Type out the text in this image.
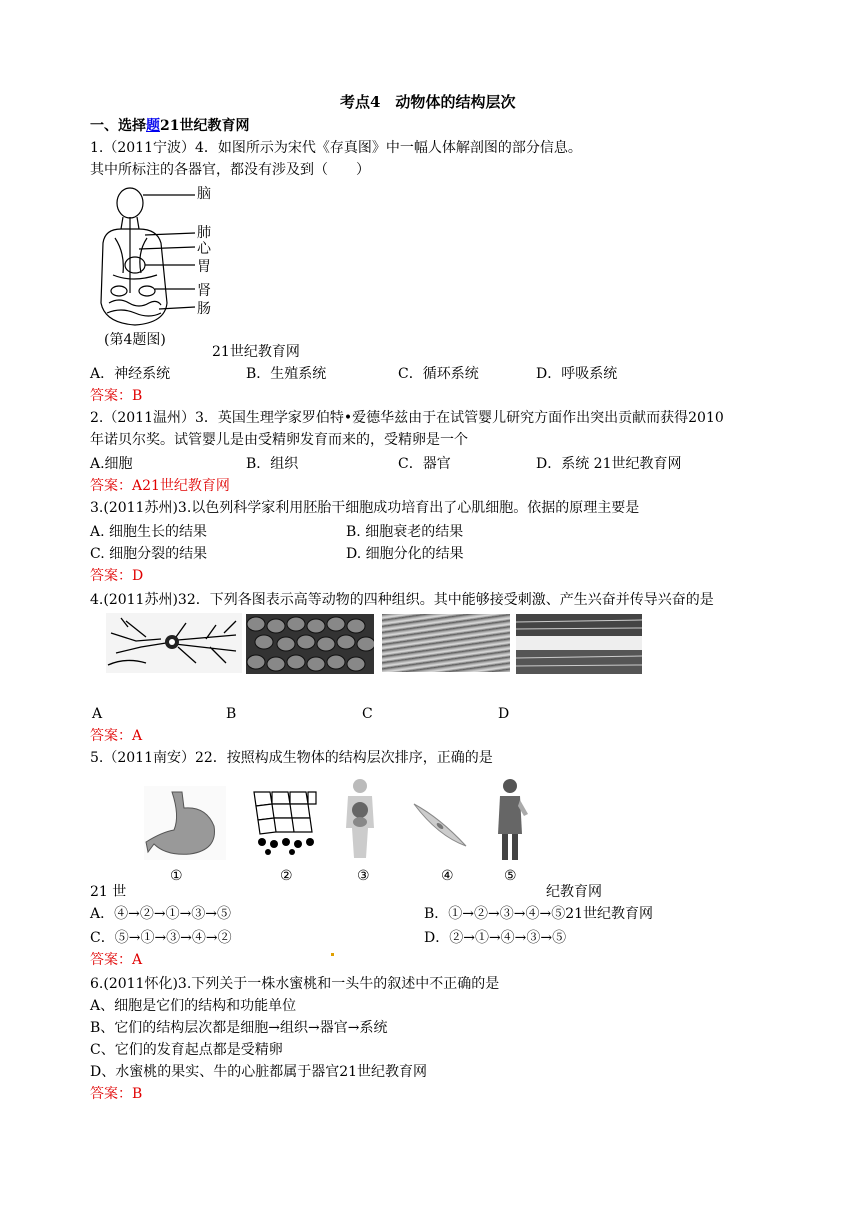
考点4　动物体的结构层次
一、选择题21世纪教育网
1.（2011宁波）4．如图所示为宋代《存真图》中一幅人体解剖图的部分信息。
其中所标注的各器官，都没有涉及到（　　）
脑
肺
心
胃
肾
肠
(第4题图)
21世纪教育网
A．神经系统	B．生殖系统	C．循环系统	D．呼吸系统
答案：B
2.（2011温州）3．英国生理学家罗伯特•爱德华兹由于在试管婴儿研究方面作出突出贡献而获得2010
年诺贝尔奖。试管婴儿是由受精卵发育而来的，受精卵是一个
A.细胞	B．组织	C．器官	D．系统 21世纪教育网
答案：A21世纪教育网
3.(2011苏州)3.以色列科学家利用胚胎干细胞成功培育出了心肌细胞。依据的原理主要是
A. 细胞生长的结果	B. 细胞衰老的结果
C. 细胞分裂的结果	D. 细胞分化的结果
答案：D
4.(2011苏州)32．下列各图表示高等动物的四种组织。其中能够接受刺激、产生兴奋并传导兴奋的是
A	B	C	D
答案：A
5.（2011南安）22．按照构成生物体的结构层次排序，正确的是
①	②	③	④	⑤
21 世	纪教育网
A．④→②→①→③→⑤	B．①→②→③→④→⑤21世纪教育网
C．⑤→①→③→④→②	D．②→①→④→③→⑤
答案：A
6.(2011怀化)3.下列关于一株水蜜桃和一头牛的叙述中不正确的是
A、细胞是它们的结构和功能单位
B、它们的结构层次都是细胞→组织→器官→系统
C、它们的发育起点都是受精卵
D、水蜜桃的果实、牛的心脏都属于器官21世纪教育网
答案：B
